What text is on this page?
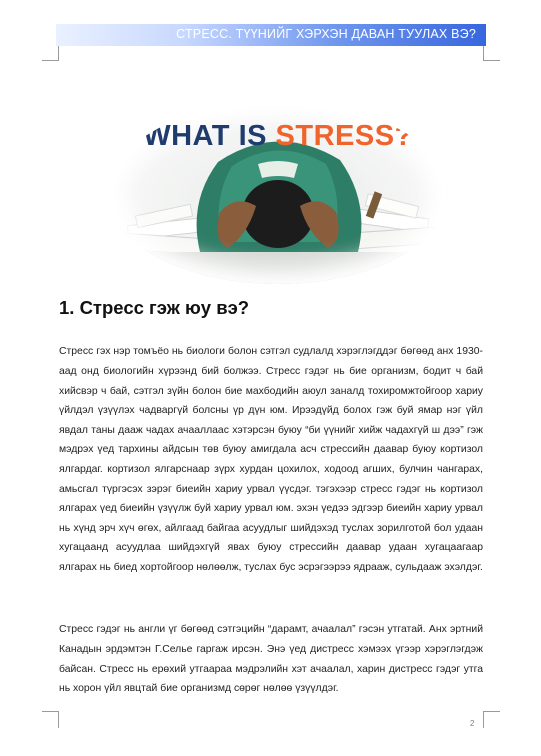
СТРЕСС. ТҮҮНИЙГ ХЭРХЭН ДАВАН ТУУЛАХ ВЭ?
WHAT IS STRESS?
1. Стресс гэж юу вэ?

Стресс гэх нэр томъёо нь биологи болон сэтгэл судлалд хэрэглэгддэг бөгөөд анх 1930-аад онд биологийн хүрээнд бий болжээ. Стресс гэдэг нь бие организм, бодит ч бай хийсвэр ч бай, сэтгэл зүйн болон бие махбодийн аюул заналд тохиромжтойгоор хариу үйлдэл үзүүлэх чадваргүй болсны үр дүн юм. Ирээдүйд болох гэж буй ямар нэг үйл явдал таны дааж чадах ачааллаас хэтэрсэн буюу “би үүнийг хийж чадахгүй ш дээ” гэж мэдрэх үед тархины айдсын төв буюу амигдала асч стрессийн даавар буюу кортизол ялгардаг. кортизол ялгарснаар зүрх хурдан цохилох, ходоод агших, булчин чангарах, амьсгал түргэсэх зэрэг биеийн хариу урвал үүсдэг. тэгэхээр стресс гэдэг нь кортизол ялгарах үед биеийн үзүүлж буй хариу урвал юм. эхэн үедээ эдгээр биеийн хариу урвал нь хүнд эрч хүч өгөх, айлгаад байгаа асуудлыг шийдэхэд туслах зорилготой бол удаан хугацаанд асуудлаа шийдэхгүй явах буюу стрессийн даавар удаан хугацаагаар ялгарах нь биед хортойгоор нөлөөлж, туслах бус эсрэгээрээ ядрааж, сульдааж эхэлдэг.

Стресс гэдэг нь англи үг бөгөөд сэтгэцийн “дарамт, ачаалал” гэсэн утгатай. Анх эртний Канадын эрдэмтэн Г.Селье гаргаж ирсэн. Энэ үед дистресс хэмээх үгээр хэрэглэгдэж байсан. Стресс нь ерөхий утгаараа мэдрэлийн хэт ачаалал, харин дистресс гэдэг утга нь хорон үйл явцтай бие организмд сөрөг нөлөө үзүүлдэг.

2
